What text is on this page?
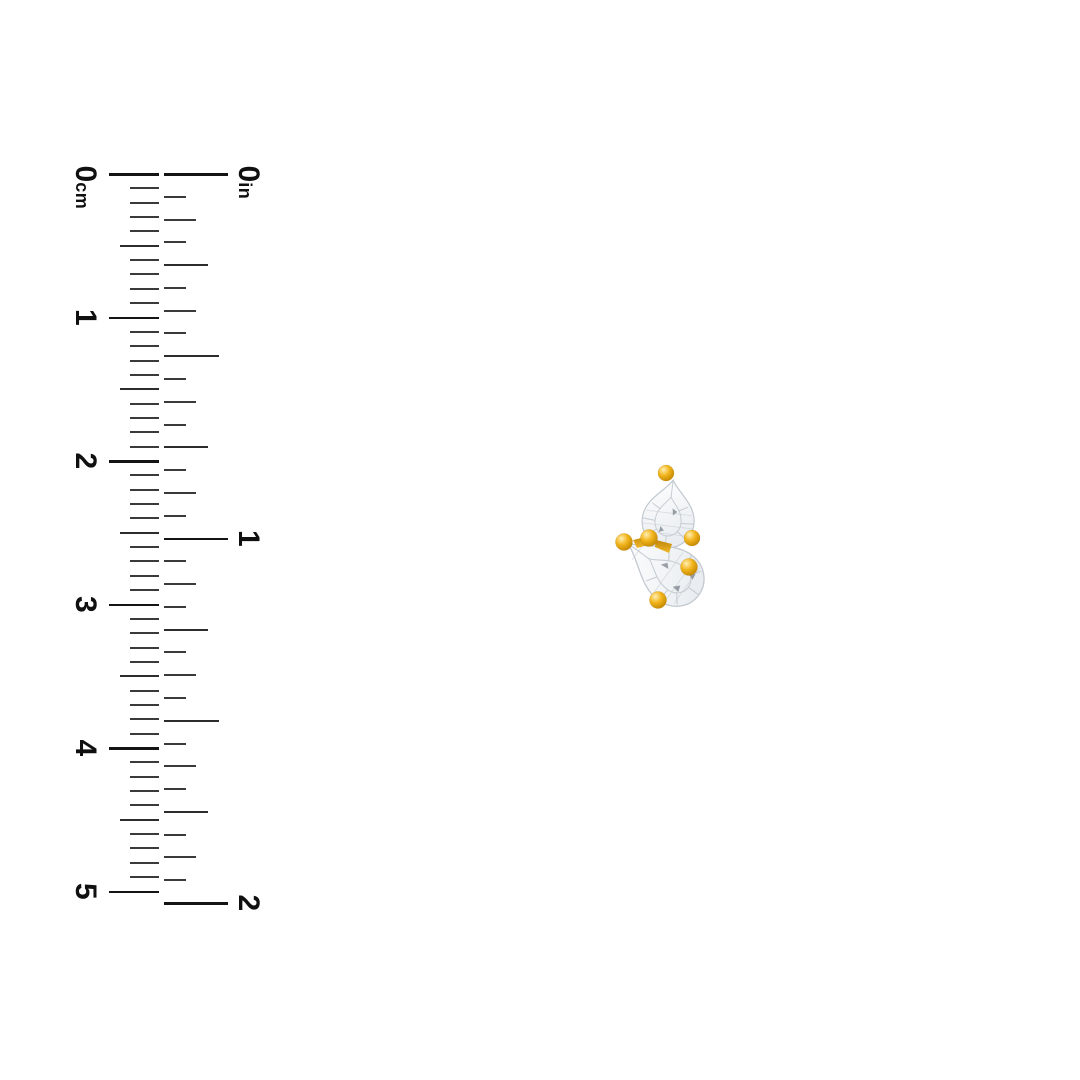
0cm
1
2
3
4
5
0in
1
2
